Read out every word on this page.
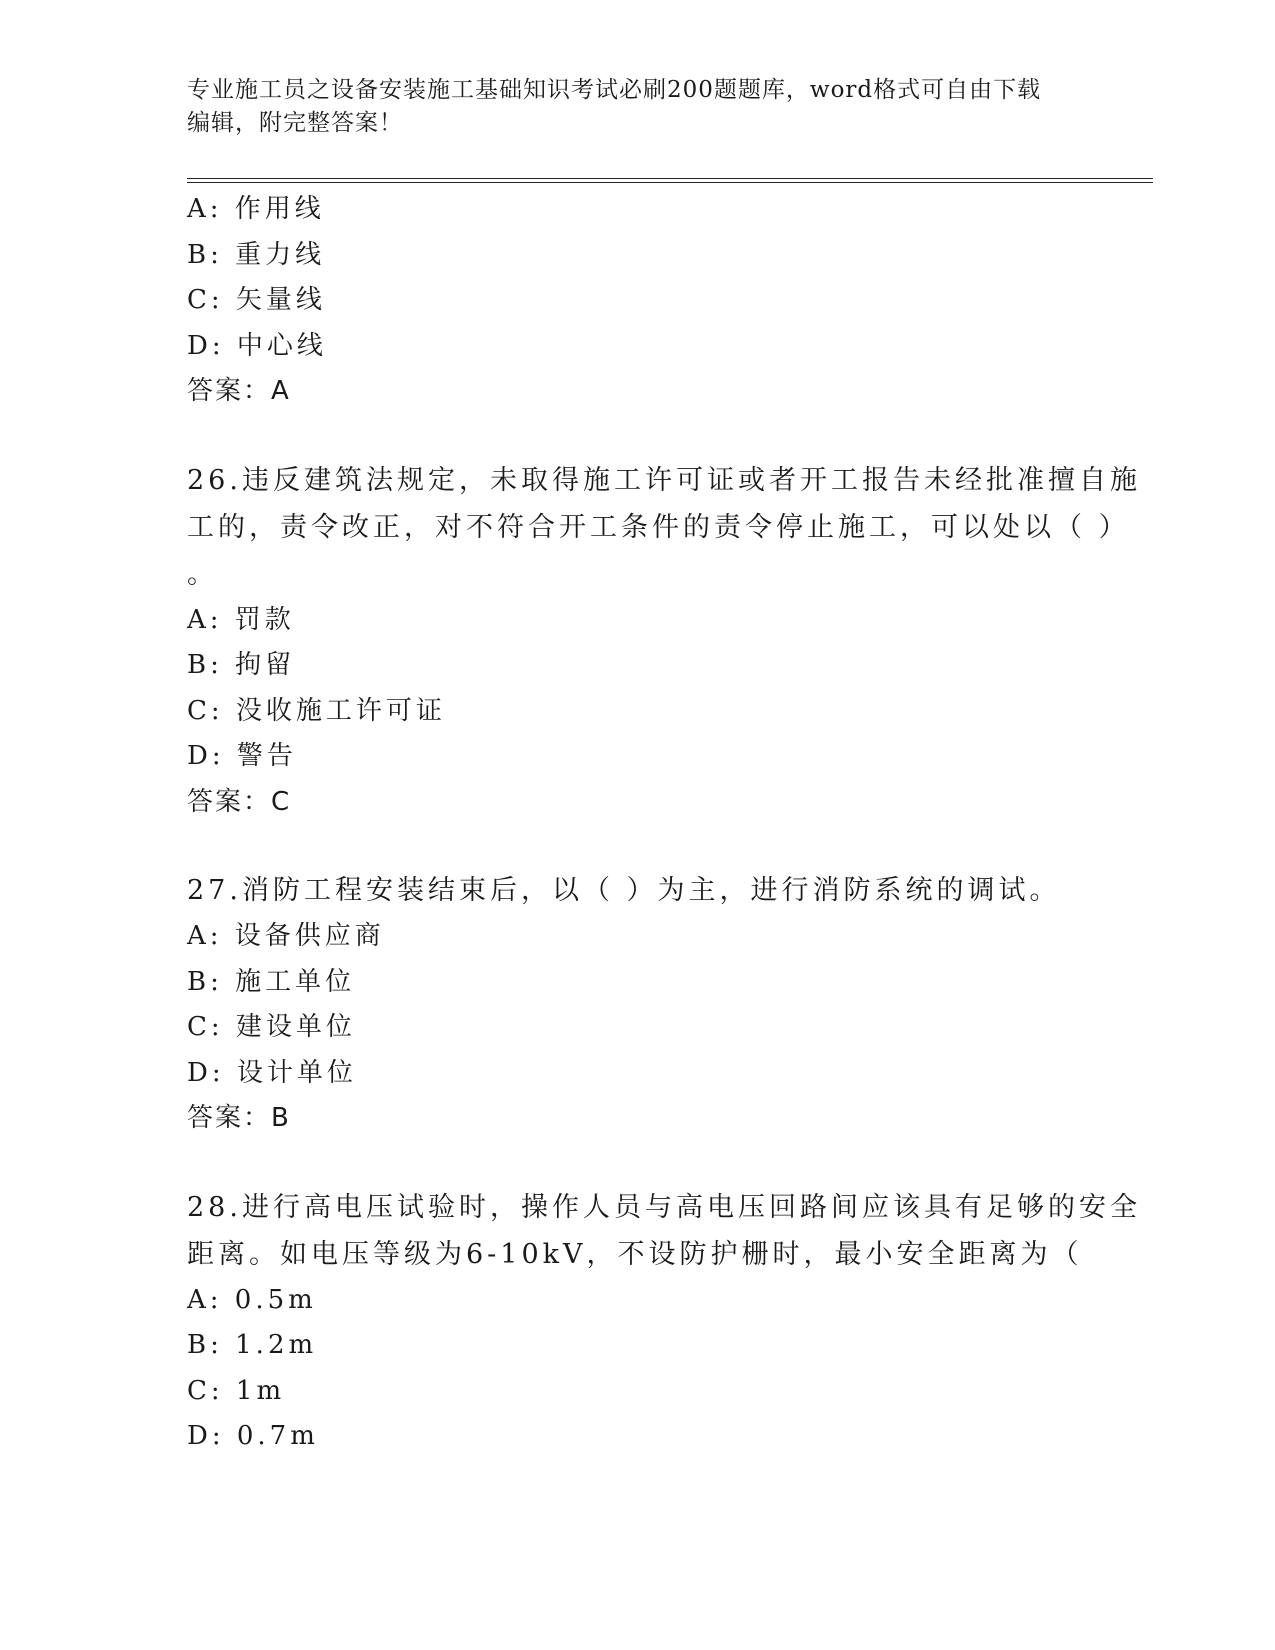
专业施工员之设备安装施工基础知识考试必刷200题题库，word格式可自由下载
编辑，附完整答案！
A: 作用线
B: 重力线
C: 矢量线
D: 中心线
答案：A
26.违反建筑法规定，未取得施工许可证或者开工报告未经批准擅自施
工的，责令改正，对不符合开工条件的责令停止施工，可以处以（ ）
。
A: 罚款
B: 拘留
C: 没收施工许可证
D: 警告
答案：C
27.消防工程安装结束后，以（ ）为主，进行消防系统的调试。
A: 设备供应商
B: 施工单位
C: 建设单位
D: 设计单位
答案：B
28.进行高电压试验时，操作人员与高电压回路间应该具有足够的安全
距离。如电压等级为6-10kV，不设防护栅时，最小安全距离为（
A: 0.5m
B: 1.2m
C: 1m
D: 0.7m
